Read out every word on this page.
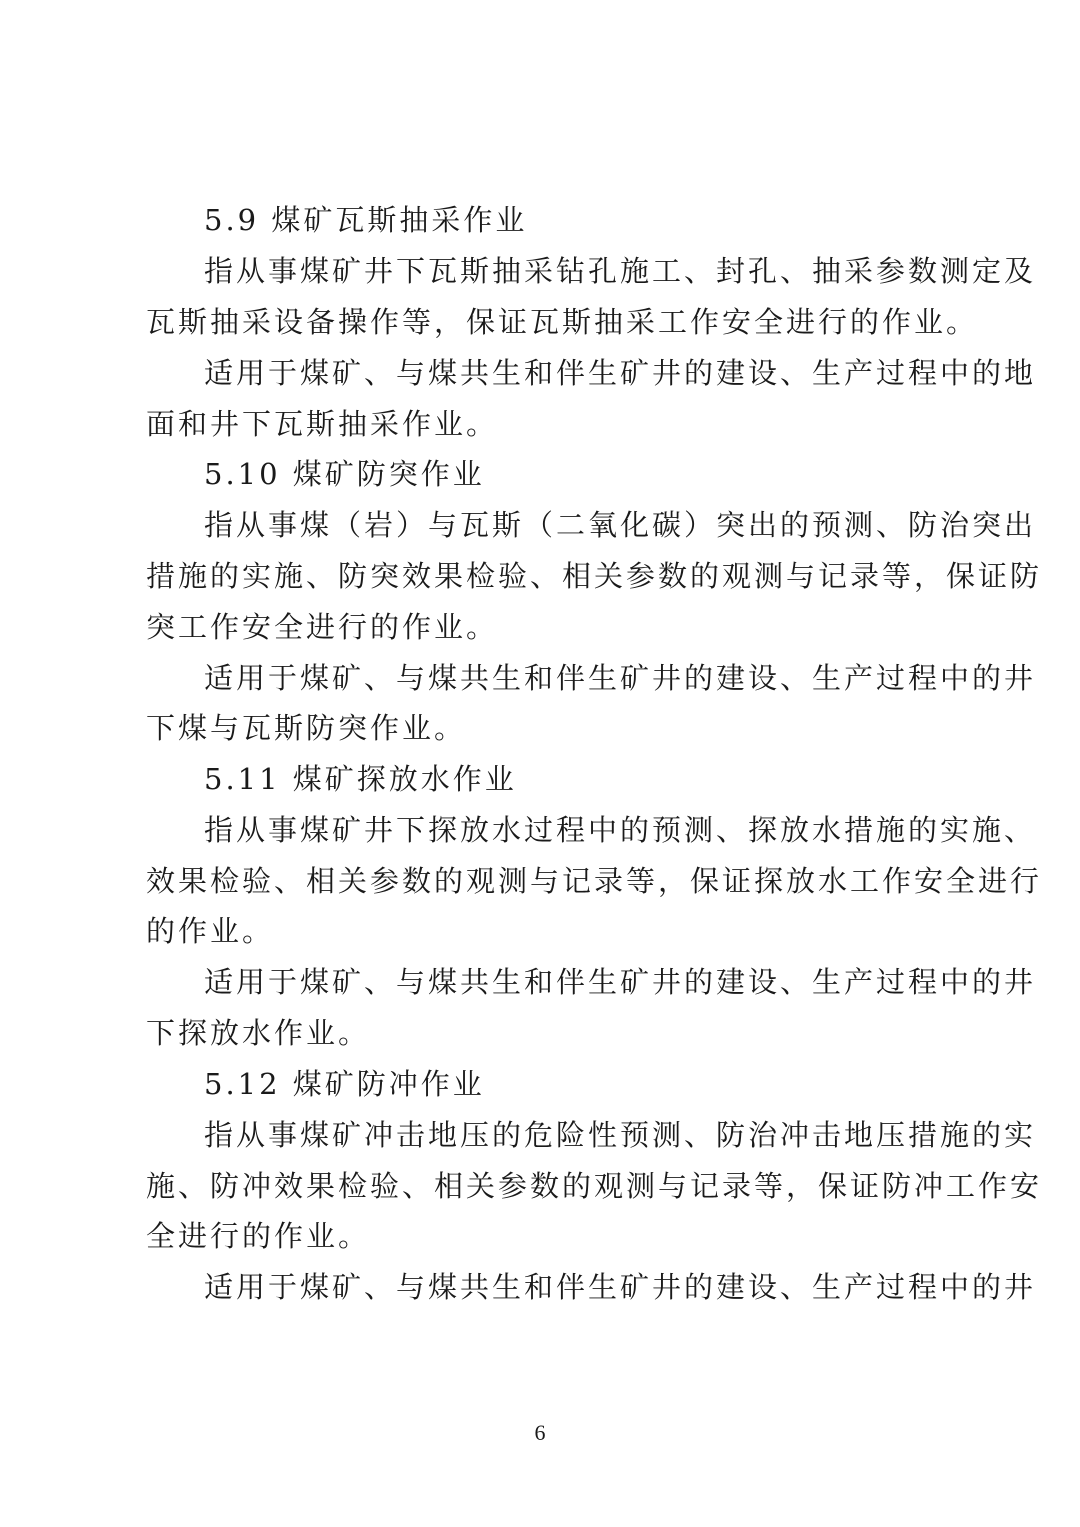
5.9 煤矿瓦斯抽采作业
指从事煤矿井下瓦斯抽采钻孔施工、封孔、抽采参数测定及
瓦斯抽采设备操作等，保证瓦斯抽采工作安全进行的作业。
适用于煤矿、与煤共生和伴生矿井的建设、生产过程中的地
面和井下瓦斯抽采作业。
5.10 煤矿防突作业
指从事煤（岩）与瓦斯（二氧化碳）突出的预测、防治突出
措施的实施、防突效果检验、相关参数的观测与记录等，保证防
突工作安全进行的作业。
适用于煤矿、与煤共生和伴生矿井的建设、生产过程中的井
下煤与瓦斯防突作业。
5.11 煤矿探放水作业
指从事煤矿井下探放水过程中的预测、探放水措施的实施、
效果检验、相关参数的观测与记录等，保证探放水工作安全进行
的作业。
适用于煤矿、与煤共生和伴生矿井的建设、生产过程中的井
下探放水作业。
5.12 煤矿防冲作业
指从事煤矿冲击地压的危险性预测、防治冲击地压措施的实
施、防冲效果检验、相关参数的观测与记录等，保证防冲工作安
全进行的作业。
适用于煤矿、与煤共生和伴生矿井的建设、生产过程中的井
6
